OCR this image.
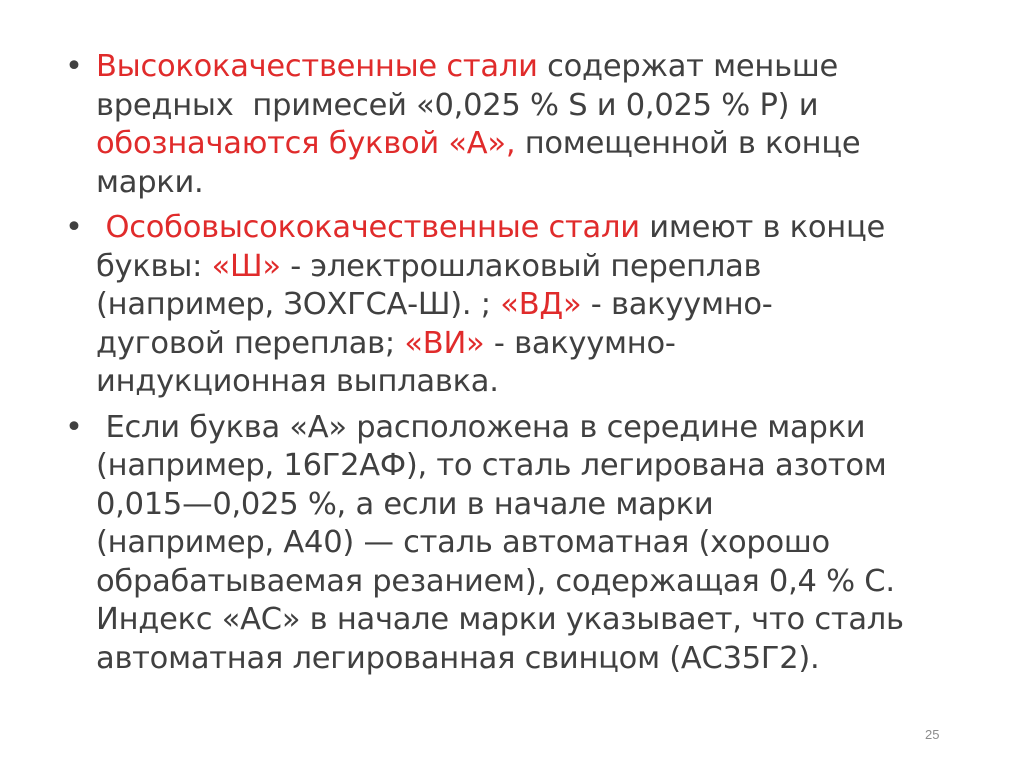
• Высококачественные стали содержат меньше
вредных  примесей «0,025 % S и 0,025 % Р) и
обозначаются буквой «А», помещенной в конце
марки.
• Особовысококачественные стали имеют в конце
буквы: «Ш» - электрошлаковый переплав
(например, ЗОХГСА-Ш). ; «ВД» - вакуумно-
дуговой переплав; «ВИ» - вакуумно-
индукционная выплавка.
• Если буква «А» расположена в середине марки
(например, 16Г2АФ), то сталь легирована азотом
0,015—0,025 %, а если в начале марки
(например, А40) — сталь автоматная (хорошо
обрабатываемая резанием), содержащая 0,4 % С.
Индекс «АС» в начале марки указывает, что сталь
автоматная легированная свинцом (АС35Г2).
25
